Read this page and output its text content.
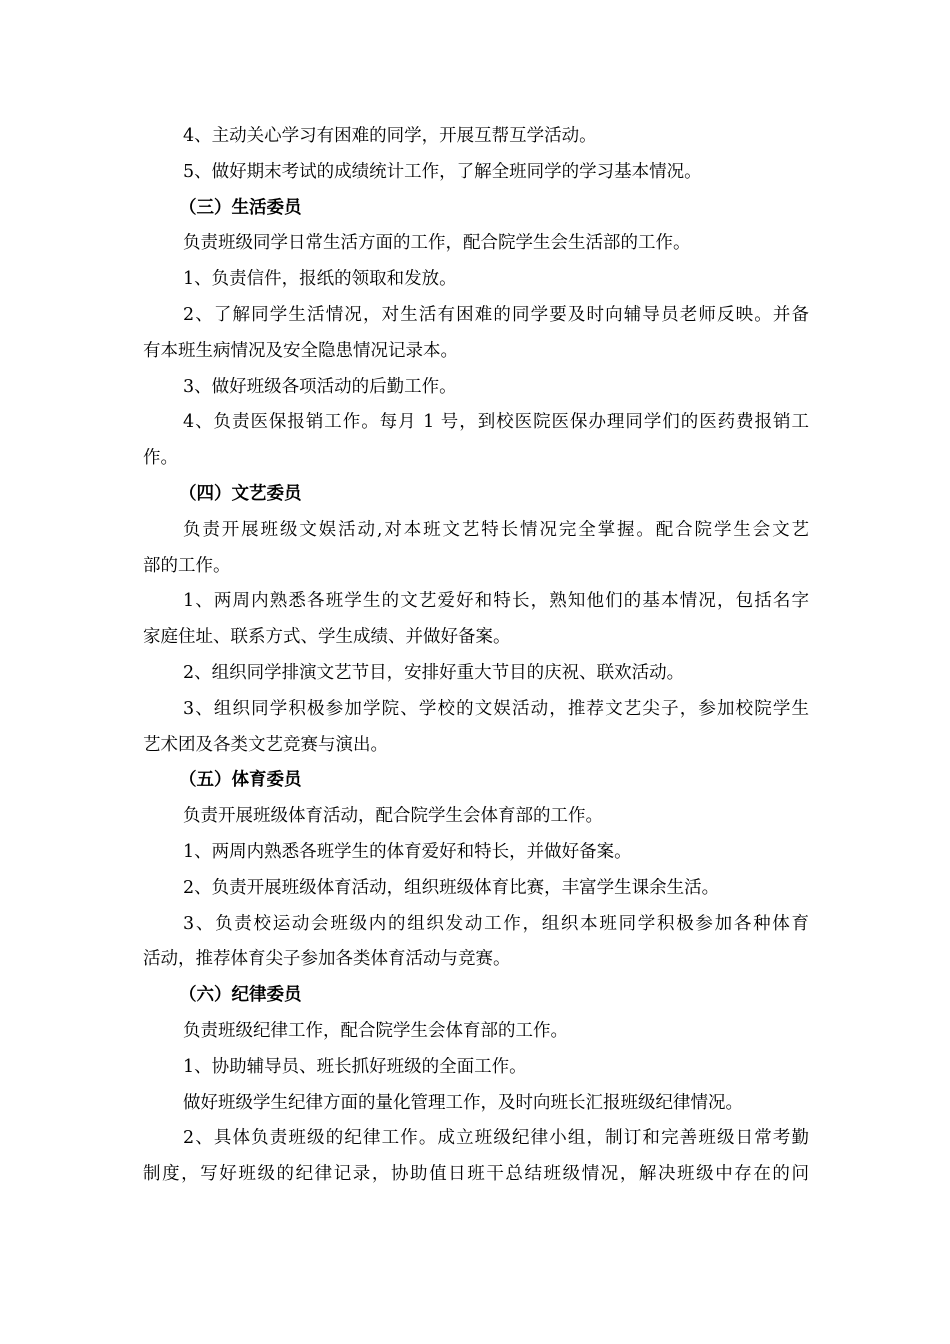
4、主动关心学习有困难的同学，开展互帮互学活动。
5、做好期末考试的成绩统计工作，了解全班同学的学习基本情况。
（三）生活委员
负责班级同学日常生活方面的工作，配合院学生会生活部的工作。
1、负责信件，报纸的领取和发放。
2、了解同学生活情况，对生活有困难的同学要及时向辅导员老师反映。并备
有本班生病情况及安全隐患情况记录本。
3、做好班级各项活动的后勤工作。
4、负责医保报销工作。每月 1 号，到校医院医保办理同学们的医药费报销工
作。
（四）文艺委员
负责开展班级文娱活动,对本班文艺特长情况完全掌握。配合院学生会文艺
部的工作。
1、两周内熟悉各班学生的文艺爱好和特长，熟知他们的基本情况，包括名字
家庭住址、联系方式、学生成绩、并做好备案。
2、组织同学排演文艺节目，安排好重大节目的庆祝、联欢活动。
3、组织同学积极参加学院、学校的文娱活动，推荐文艺尖子，参加校院学生
艺术团及各类文艺竞赛与演出。
（五）体育委员
负责开展班级体育活动，配合院学生会体育部的工作。
1、两周内熟悉各班学生的体育爱好和特长，并做好备案。
2、负责开展班级体育活动，组织班级体育比赛，丰富学生课余生活。
3、负责校运动会班级内的组织发动工作，组织本班同学积极参加各种体育
活动，推荐体育尖子参加各类体育活动与竞赛。
（六）纪律委员
负责班级纪律工作，配合院学生会体育部的工作。
1、协助辅导员、班长抓好班级的全面工作。
做好班级学生纪律方面的量化管理工作，及时向班长汇报班级纪律情况。
2、具体负责班级的纪律工作。成立班级纪律小组，制订和完善班级日常考勤
制度，写好班级的纪律记录，协助值日班干总结班级情况，解决班级中存在的问
